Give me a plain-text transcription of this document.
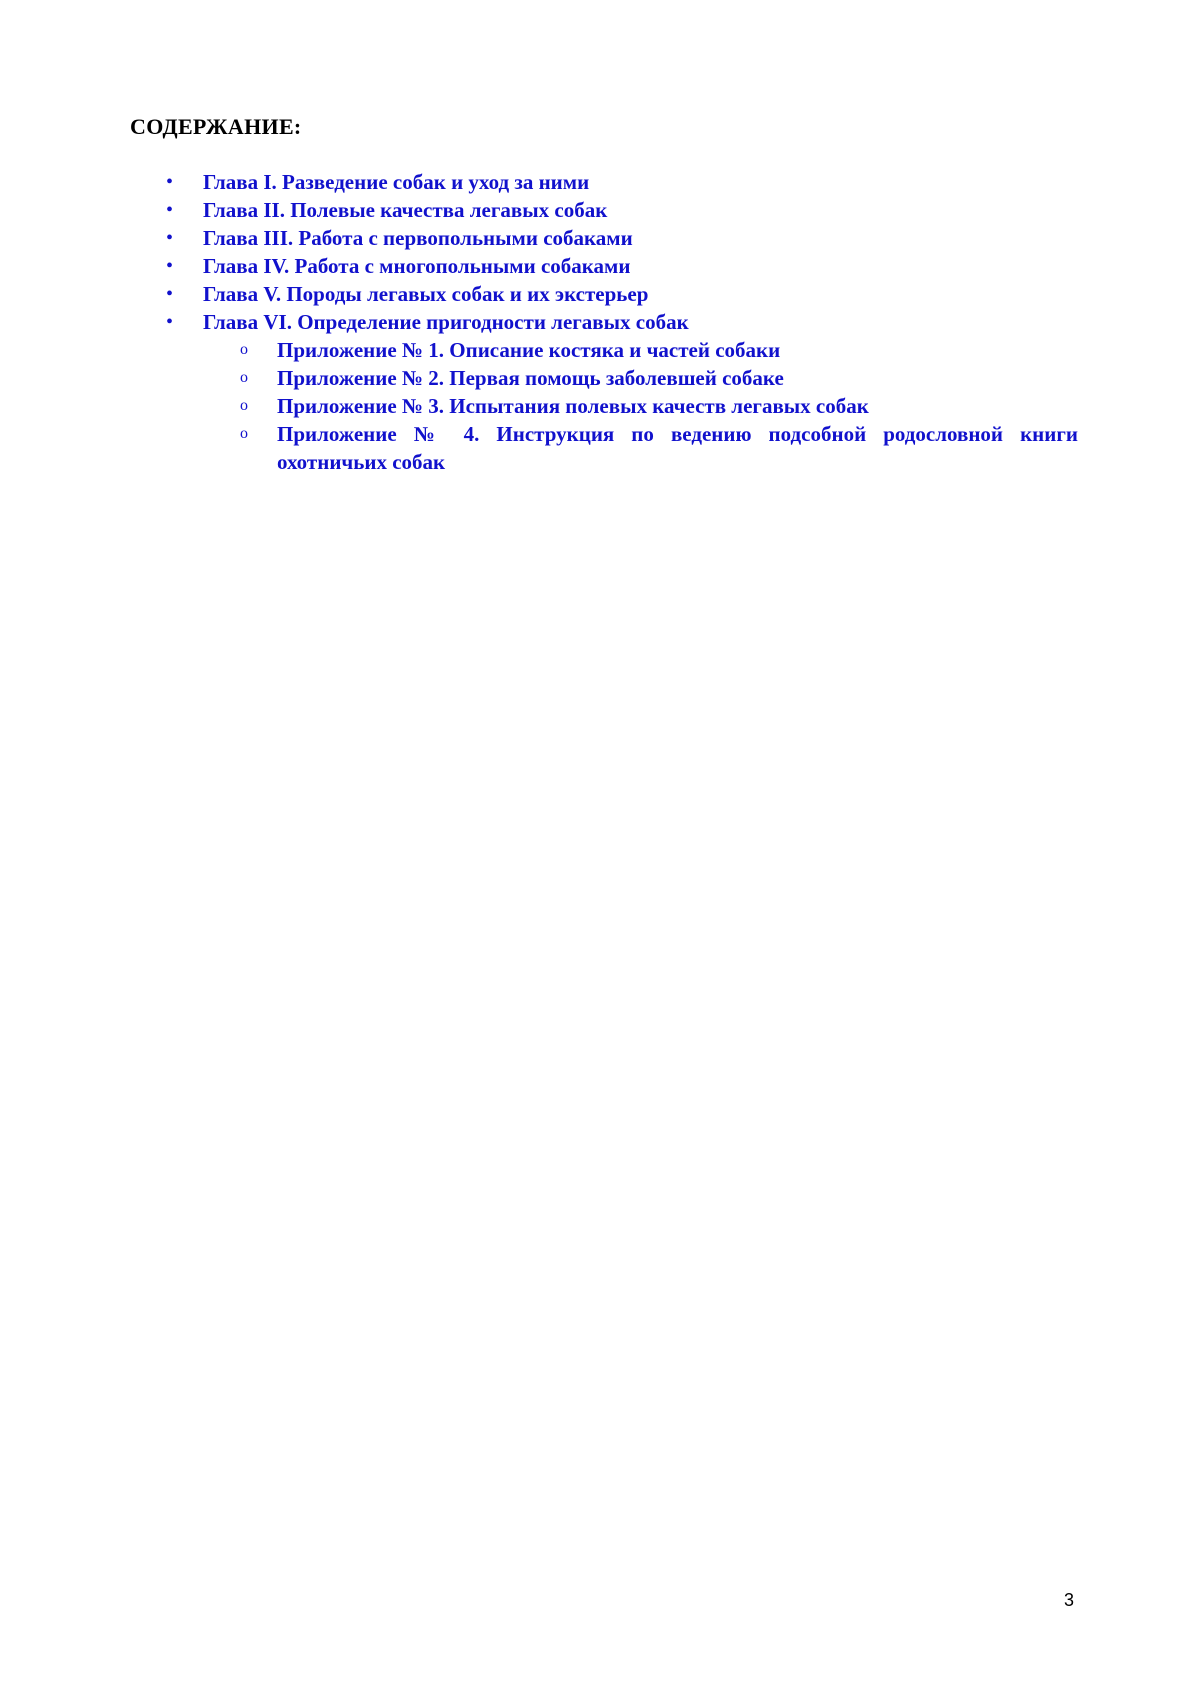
СОДЕРЖАНИЕ:
• Глава I. Разведение собак и уход за ними
• Глава II. Полевые качества легавых собак
• Глава III. Работа с первопольными собаками
• Глава IV. Работа с многопольными собаками
• Глава V. Породы легавых собак и их экстерьер
• Глава VI. Определение пригодности легавых собак
o Приложение № 1. Описание костяка и частей собаки
o Приложение № 2. Первая помощь заболевшей собаке
o Приложение № 3. Испытания полевых качеств легавых собак
o Приложение № 4. Инструкция по ведению подсобной родословной книги охотничьих собак
3
